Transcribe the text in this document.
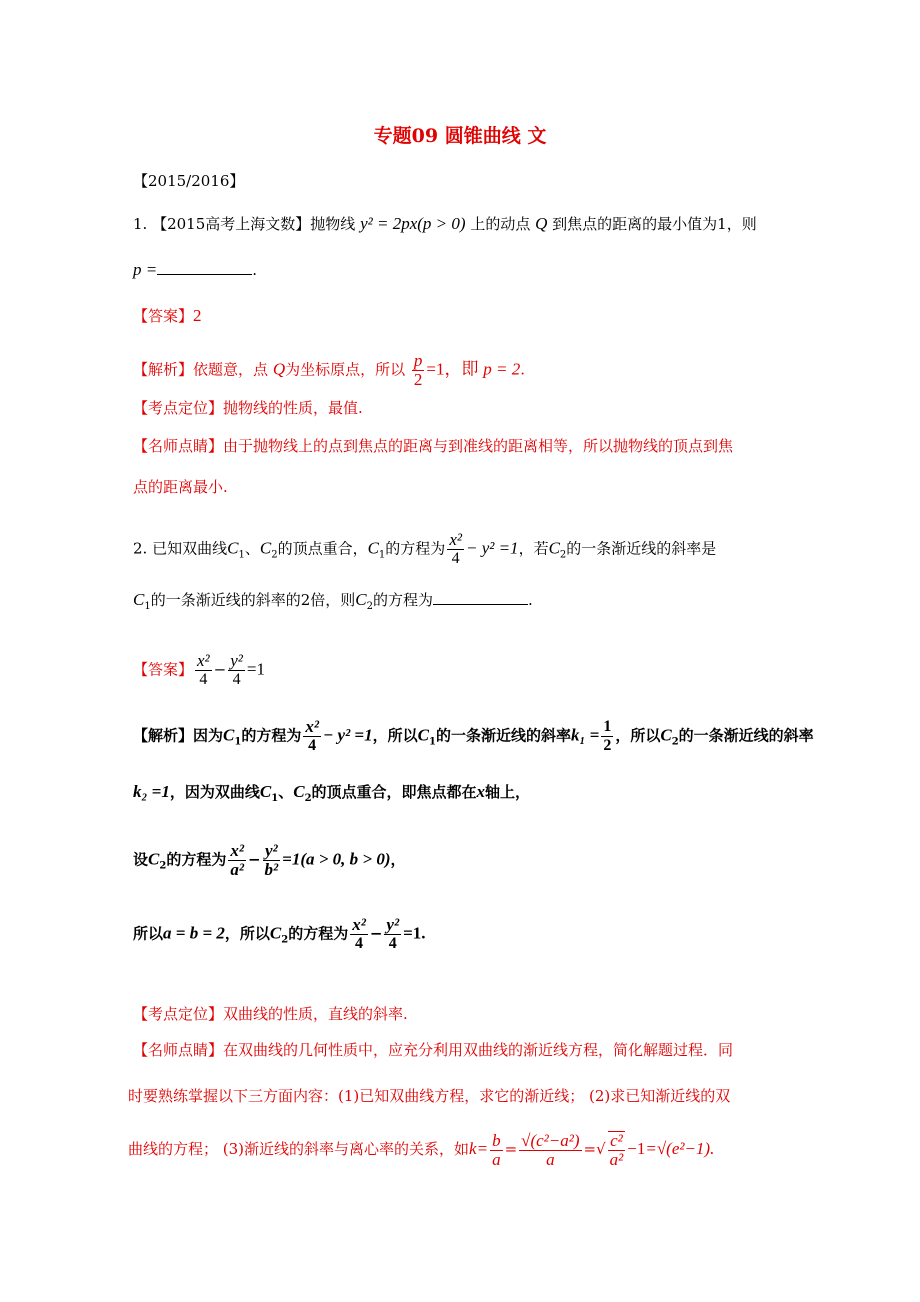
专题09 圆锥曲线 文
【2015/2016】
1. 【2015高考上海文数】抛物线 y² = 2px(p > 0) 上的动点 Q 到焦点的距离的最小值为1，则
p =	.
【答案】2
【解析】依题意，点 Q为坐标原点，所以 $\frac{p}{2} =1$，即 p = 2.
【考点定位】抛物线的性质，最值.
【名师点睛】由于抛物线上的点到焦点的距离与到准线的距离相等，所以抛物线的顶点到焦
点的距离最小.
2. 已知双曲线$C_1$、$C_2$的顶点重合，$C_1$的方程为 $\frac{\text{x²}}{4} - y^2 =1$，若$C_2$的一条渐近线的斜率是
$C_1$的一条渐近线的斜率的2倍，则$C_2$的方程为	.
【答案】 $\frac{\text{x²}}{4} - \frac{\text{y²}}{4} =1$
【解析】因为$C_1$的方程为 $\frac{\text{x²}}{4} - y^2 =1$，所以$C_1$的一条渐近线的斜率$k_1 = \frac{1}{2}$ ，所以$C_2$的一条渐近线的斜率
k₂ =1，因为双曲线$C_1$、$C_2$的顶点重合，即焦点都在x轴上，
设$C_2$的方程为 $\frac{\text{x²}}{\text{a²}} - \frac{\text{y²}}{\text{b²}} =1(a > 0$, b > 0)，
所以a = b = 2，所以$C_2$的方程为 $\frac{\text{x²}}{4} - \frac{\text{y²}}{4} =1$.
【考点定位】双曲线的性质，直线的斜率.
【名师点睛】在双曲线的几何性质中，应充分利用双曲线的渐近线方程，简化解题过程．同
时要熟练掌握以下三方面内容：(1)已知双曲线方程，求它的渐近线； (2)求已知渐近线的双
曲线的方程； (3)渐近线的斜率与离心率的关系，如$k= \frac{b}{a} = \frac{\text{√(c²−a²)}}{a}$ =√ $\frac{\text{c²}}{\text{a²}} -1=√(e^2-1)$.
